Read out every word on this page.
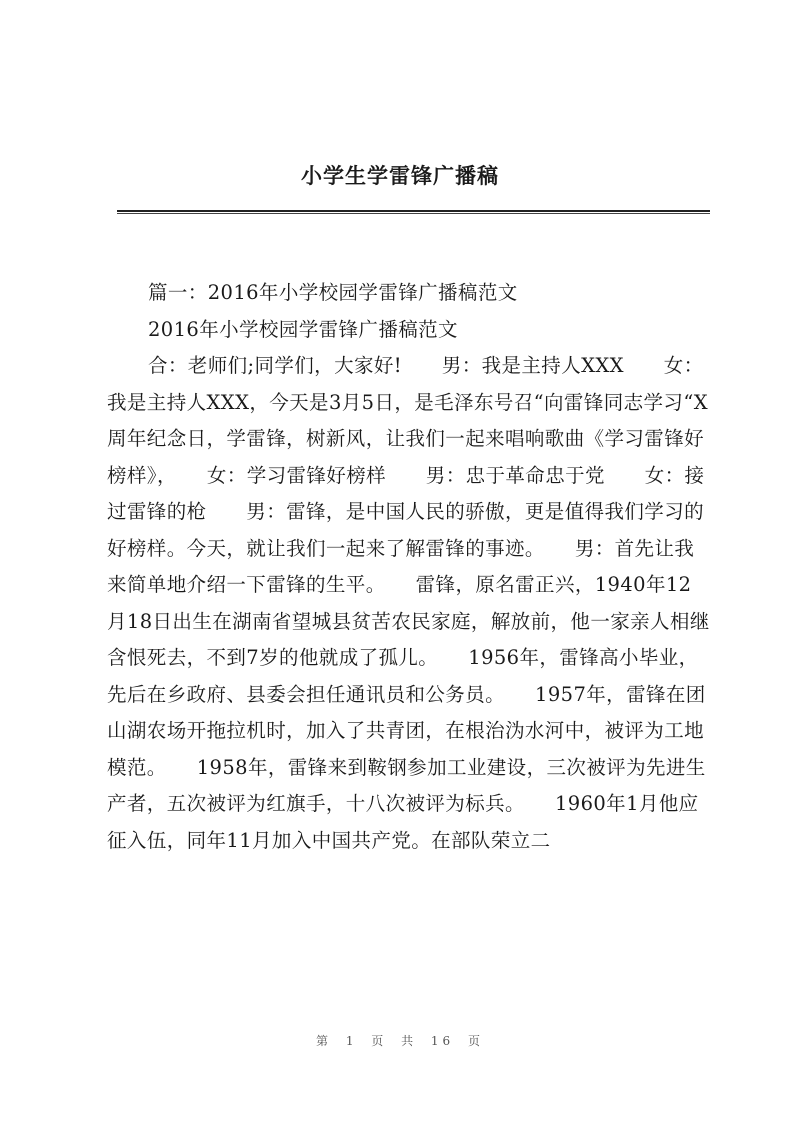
小学生学雷锋广播稿

篇一：2016年小学校园学雷锋广播稿范文

2016年小学校园学雷锋广播稿范文

合：老师们;同学们，大家好!　　男：我是主持人XXX　　女：我是主持人XXX，今天是3月5日，是毛泽东号召“向雷锋同志学习“X周年纪念日，学雷锋，树新风，让我们一起来唱响歌曲《学习雷锋好榜样》，　　女：学习雷锋好榜样　　男：忠于革命忠于党　　女：接过雷锋的枪　　男：雷锋，是中国人民的骄傲，更是值得我们学习的好榜样。今天，就让我们一起来了解雷锋的事迹。　　男：首先让我来简单地介绍一下雷锋的生平。　　雷锋，原名雷正兴，1940年12月18日出生在湖南省望城县贫苦农民家庭，解放前，他一家亲人相继含恨死去，不到7岁的他就成了孤儿。　　1956年，雷锋高小毕业，先后在乡政府、县委会担任通讯员和公务员。　　1957年，雷锋在团山湖农场开拖拉机时，加入了共青团，在根治沩水河中，被评为工地模范。　　1958年，雷锋来到鞍钢参加工业建设，三次被评为先进生产者，五次被评为红旗手，十八次被评为标兵。　　1960年1月他应征入伍，同年11月加入中国共产党。在部队荣立二

第 1 页 共 16 页
